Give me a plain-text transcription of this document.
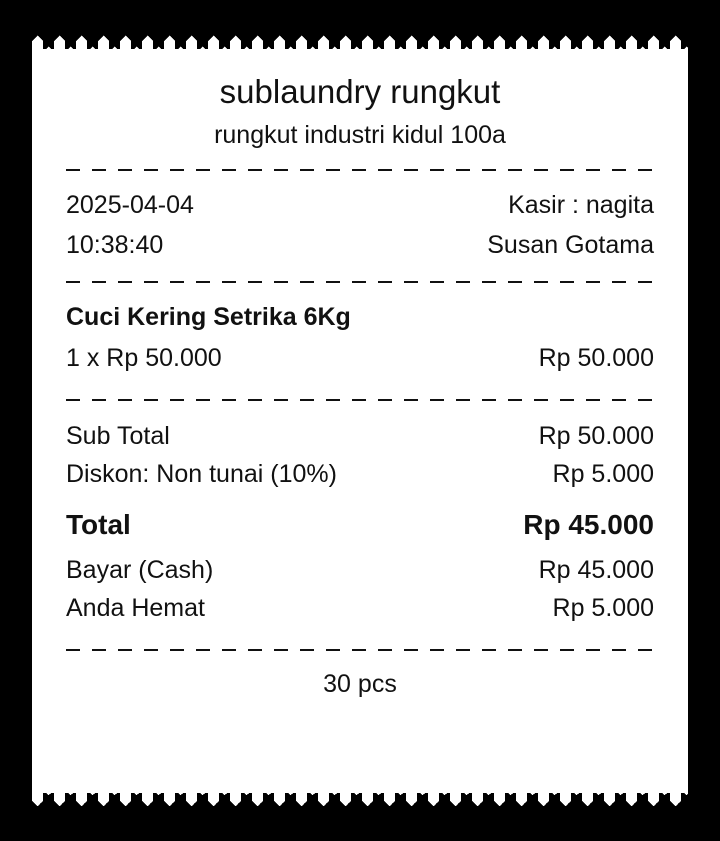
sublaundry rungkut
rungkut industri kidul 100a
2025-04-04	Kasir : nagita
10:38:40	Susan Gotama
Cuci Kering Setrika 6Kg
1 x Rp 50.000	Rp 50.000
Sub Total	Rp 50.000
Diskon: Non tunai (10%)	Rp 5.000
Total	Rp 45.000
Bayar (Cash)	Rp 45.000
Anda Hemat	Rp 5.000
30 pcs
